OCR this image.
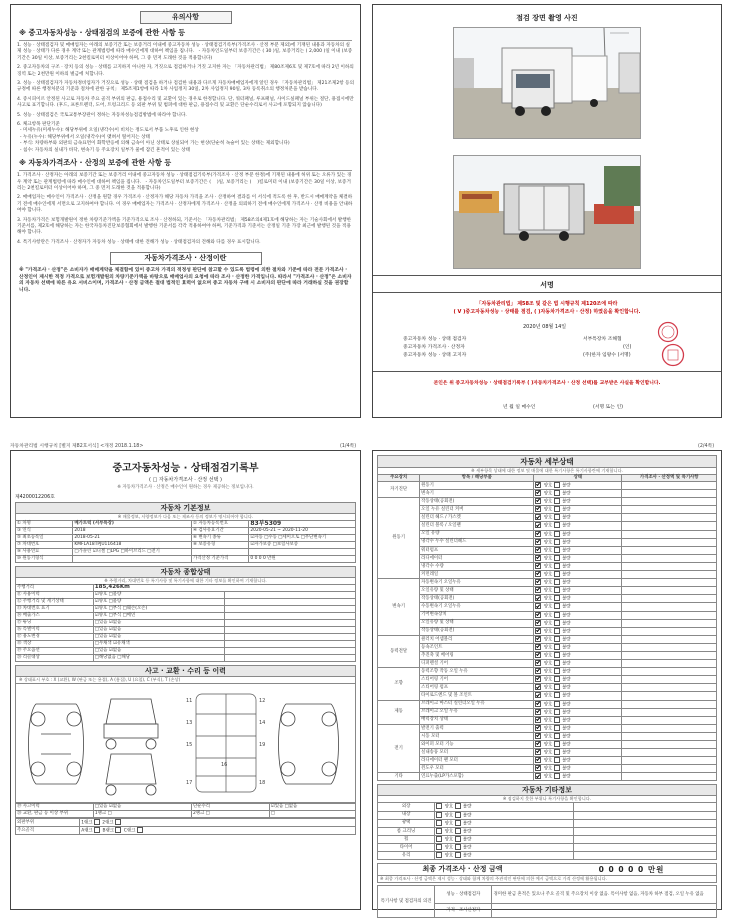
유의사항
※ 중고자동차성능 · 상태점검의 보증에 관한 사항 등
1. 성능 · 상태점검자 및 매매업자는 아래의 보증기간 또는 보증거리 이내에 중고자동차 성능 · 상태점검기록부(가격조사 · 산정 부분 제외)에 기재된 내용과 자동차의 실제 성능 · 상태가 다른 경우 계약 또는 관계법령에 따라 매수인에게 대하여 책임을 집니다.   - 자동차인도일부터 보증기간은 ( 30 )일, 보증거리는 ( 2,000 )일 이내 (보증기간은 30일 이상, 보증거리는 2천킬로미터 이상이어야 하며, 그 중 먼저 도래한 것을 적용합니다)
2. 중고자동차의 구조 · 장치 등의 성능 · 상태를 고지하지 아니한 자, 거짓으로 점검하거나 거짓 고지한 자는 「자동차관리법」 제80조제6호 및 제7호에 따라 2년 이하의 징역 또는 2천만원 이하의 벌금에 처합니다.
3. 성능 · 상태점검자가 자동차정비업자가 거짓으로 성능 · 상태 점검을 하거나 점검한 내용과 다르게 자동차매매업자에게 알린 경우 「자동차관리법」 제21조제2항 등의 규정에 따른 행정처분의 기준과 절차에 관한 규칙」 제5조제1항에 따라 1차 사업정지 30일, 2차 사업정지 90일, 3차 등록취소의 행정처분을 받습니다.
4. 증시피이르 안정된 사고로 자동차 주요 골격 부위의 판금, 용접수리 및 교환이 있는 경우로 한정합니다. 단, 쿼터패널, 루프패널, 사이드실패널 부위는 절단, 용접시에만 사고로 표기합니다. (후드, 프론트펜더, 도어, 트렁크리드 등 외판 부위 및 범퍼에 대한 판금, 용접수리 및 교환은 단순수리로서 사고에 포함되지 않습니다)
5. 성능 · 상태점검은 국토교통부장관이 정하는 자동차성능점검방법에 따라야 합니다.
6. 체크항목 판단기준
- 미세누유(미세누수): 해당부위에 오일(냉각수)이 비치는 정도로서 부품 노후로 인한 현상
- 누유(누수): 해당부위에서 오일(냉각수)이 맺혀서 떨어지는 상태
- 부식: 차량하부와 외판의 금속표면이 화학반응에 의해 금속이 아닌 상태로 상실되어 가는 현상(단순히 녹슬어 있는 상태는 제외합니다)
- 침수: 자동차의 실내가 바닥, 변속기 등 주요장치 일부가 물에 잠긴 흔적이 있는 상태
※ 자동차가격조사 · 산정의 보증에 관한 사항 등
1. 가격조사 · 산정자는 아래의 보증기간 또는 보증거리 이내에 중고자동차 성능 · 상태점검기록부(가격조사 · 산정 부분 한정)에 기재된 내용에 허위 또는 오류가 있는 경우 계약 또는 관계법령에 따라 매수인에 대하여 책임을 집니다.   - 자동차인도일부터 보증기간은 (    )일, 보증거리는 (    )킬로미터 이내 (보증기간은 30일 이상, 보증거리는 2천킬로미터 이상이어야 하며, 그 중 먼저 도래한 것을 적용합니다)
2. 매매업자는 매수인이 가격조사 · 산정을 원할 경우 가격조사 · 산정자가 해당 자동차 가격을 조사 · 산정하여 결과를 이 서식에 적도록 한 후, 반드시 매매계약을 체결하기 전에 매수인에게 서면으로 고지하여야 합니다. 이 경우 매매업자는 가격조사 · 산정자에게 가격조사 · 산정을 의뢰하기 전에 매수인에게 가격조사 · 산정 비용을 안내하여야 합니다.
3. 자동차가격은 보험개발원이 정한 차량기준가액을 기준가격으로 조사 · 산정하되, 기준서는 「자동차관리법」 제58조의4제1호에 해당하는 자는 기술사회에서 발행한 기준서를, 제2호에 해당하는 자는 한국자동차진단보증협회에서 발행한 기준서를 각각 적용하여야 하며, 기준가격과 기준서는 산정일 기준 가장 최근에 발행된 것을 적용해야 합니다.
4. 특기사항란은 가격조사 · 산정자가 자동차 성능 · 상태에 대한 견해가 성능 · 상태점검자의 견해와 다를 경우 표시합니다.
자동차가격조사 · 산정이란
※ "가격조사 · 산정"은 소비자가 매매계약을 체결함에 있어 중고차 가격의 적정성 판단에 참고할 수 있도록 법령에 의한 절차와 기준에 따라 전문 가격조사 · 산정인이 제시한 적정 가격으로 보험개발원의 차량기준가액을 바탕으로 매매업사의 요청에 따라 조사 · 산정한 가격입니다. 따라서 "가격조사 · 산정"은 소비자의 자동차 선택에 따른 유요 서비스이며, 가격조사 · 산정 금액은 절대 법적인 효력이 없으며 중고 자동차 구매 시 소비자의 판단에 따라 거래하실 것을 권장합니다.
점검 장면 촬영 사진
서명
「자동차관리법」 제58조 및 같은 법 시행규칙 제120조에 따라
( V )중고자동차성능 · 상태를 점검, ( )자동차가격조사 · 산정) 하였음을 확인합니다.
2020년 08월 14일
중고자동차 성능 · 상태 점검자	서부특장차 조해협
중고자동차 가격조사 · 산정자	(인)
중고자동차 성능 · 상태 고지자	(주)한자 임왕수 (서명)
본인은 위 중고자동차성능 · 상태점검기록부 ( )자동차가격조사 · 산정 선택)를 교부받은 사실을 확인합니다.
년 월 일 매수인	(서명 또는 인)
자동차관리법 시행규칙 [별지 제82호서식] <개정 2018.1.18>	(1/4쪽)	(2/4쪽)
중고자동차성능 · 상태점검기록부
( □ 자동차가격조사 · 산정 선택 )
※ 자동차가격조사 · 산정은 매수인이 원하는 경우 제공하는 정보입니다.
제4200012206호
자동차 기본정보
※ 매물정보, 사양정보가 다음 또는 제조사 등의 정보가 명시되어야 합니다.
① 차명	메가트럭 (서부특장)	② 자동차등록번호	83부5309
③ 연식	2018	④ 검사유효기간	2020-05-21 ~ 2020-11-20
⑤ 최초등록일	2018-05-21	⑥ 변속기 종류	☑자동 □수동 □세미오토 □무단변속기
⑦ 차대번호	KMFLA18TPJU116418	⑧ 보증유형	☑자가보증 □보험사보증
⑨ 사용연료	□가솔린 ☑디젤 □LPG □하이브리드 □전기		
⑩ 원동기형식		가격산정 기준가격	0 0 0 0 만원
자동차 종합상태
※ 주행거리, 차대번호 등 특기사항 및 특기사항에 대한 기타 정보를 확인하여 기재합니다.
주행거리	185,426Km	
⑪ 사용이력	☑양호 □불량	
⑫ 주행거리 및 계기상태	☑양호 □불량	
⑬ 차대번호 표기	☑양호 □부식 □훼손(오손)	
⑭ 배출가스	☑양호 □부식 □매연	
⑮ 튜닝	□있음 ☑없음	
⑯ 특별이력	□있음 ☑없음	
⑰ 용도변경	□있음 ☑없음	
⑱ 색상	□무채색 ☑유채색	
⑲ 주요옵션	□있음 ☑없음	
⑳ 리콜대상	□해당없음 □해당	
사고 · 교환 · 수리 등 이력
※ 상태표시 부호 : X (교환), W (판금 또는 용접), A (흠집), U (요철), C (부식), T (손상)
11	12
13	14
15	19
16
17	18
⑲ 사고이력	□있음 ☑없음	단순수리	☑있음 □없음
⑳ 교환, 판금 등 이상 부위	1랭크 □	2랭크 □	□
외판부위	1랭크  2랭크
주요골격	A랭크  B랭크  C랭크
자동차 세부상태
※ 세부항목 상태에 대한 정보 및 매물에 대한 특기사항은 특기사항란에 기재합니다.
주요장치	항목 / 해당부품	상태	가격조사 · 산정액 및 특기사항
자기진단	원동기	양호  불량	
	변속기	양호  불량	
원동기	작동상태(공회전)	양호  불량	
	오일 누유 실린더 커버	양호  불량	
	실린더 헤드 / 가스켓	양호  불량	
	실린더 블록 / 오일팬	양호  불량	
	오일 유량	양호  불량	
	냉각수 누수 실린더헤드	양호  불량	
	워터펌프	양호  불량	
	라디에이터	양호  불량	
	냉각수 수량	양호  불량	
	커먼레일	양호  불량	
변속기	자동변속기 오일누유	양호  불량	
	오일유량 및 상태	양호  불량	
	작동상태(공회전)	양호  불량	
	수동변속기 오일누유	양호  불량	
	기어변속장치	양호  불량	
	오일유량 및 상태	양호  불량	
	작동상태(공회전)	양호  불량	
동력전달	클러치 어셈블리	양호  불량	
	등속조인트	양호  불량	
	추진축 및 베어링	양호  불량	
	디퍼렌셜 기어	양호  불량	
조향	동력조향 작동 오일 누유	양호  불량	
	스티어링 기어	양호  불량	
	스티어링 펌프	양호  불량	
	타이로드엔드 및 볼 조인트	양호  불량	
제동	브레이크 마스터 실린더오일 누유	양호  불량	
	브레이크 오일 누유	양호  불량	
	배력장치 상태	양호  불량	
전기	발전기 출력	양호  불량	
	시동 모터	양호  불량	
	와이퍼 모터 기능	양호  불량	
	실내송풍 모터	양호  불량	
	라디에이터 팬 모터	양호  불량	
	윈도우 모터	양호  불량	
기타	연료누출(LP가스포함)	양호  불량	
자동차 기타정보
※ 점검하지 못한 부위나 특기사항을 확인합니다.
외장	양호  불량	
내장	양호  불량	
광택	양호  불량	
룸 크리닝	양호  불량	
휠	양호  불량	
타이어	양호  불량	
유리	양호  불량	
최종 가격조사 · 산정 금액	0 0 0 0 0 만원
※ 최종 가격조사 · 산정 금액은 제시 성능 · 상태와 함께 차량의 주관적인 판단에 의한 예시 금액으로 가격 산정에 활용됩니다.
특기사항 및 점검자의 의견	성능 · 상태점검자	경미한 판금 흔적은 있으나 주요 골격 및 주요장치 이상 없음. 특이사항 없음, 자동차 하부 점검, 오일 누유 없음
	가격 · 조사산정자	
